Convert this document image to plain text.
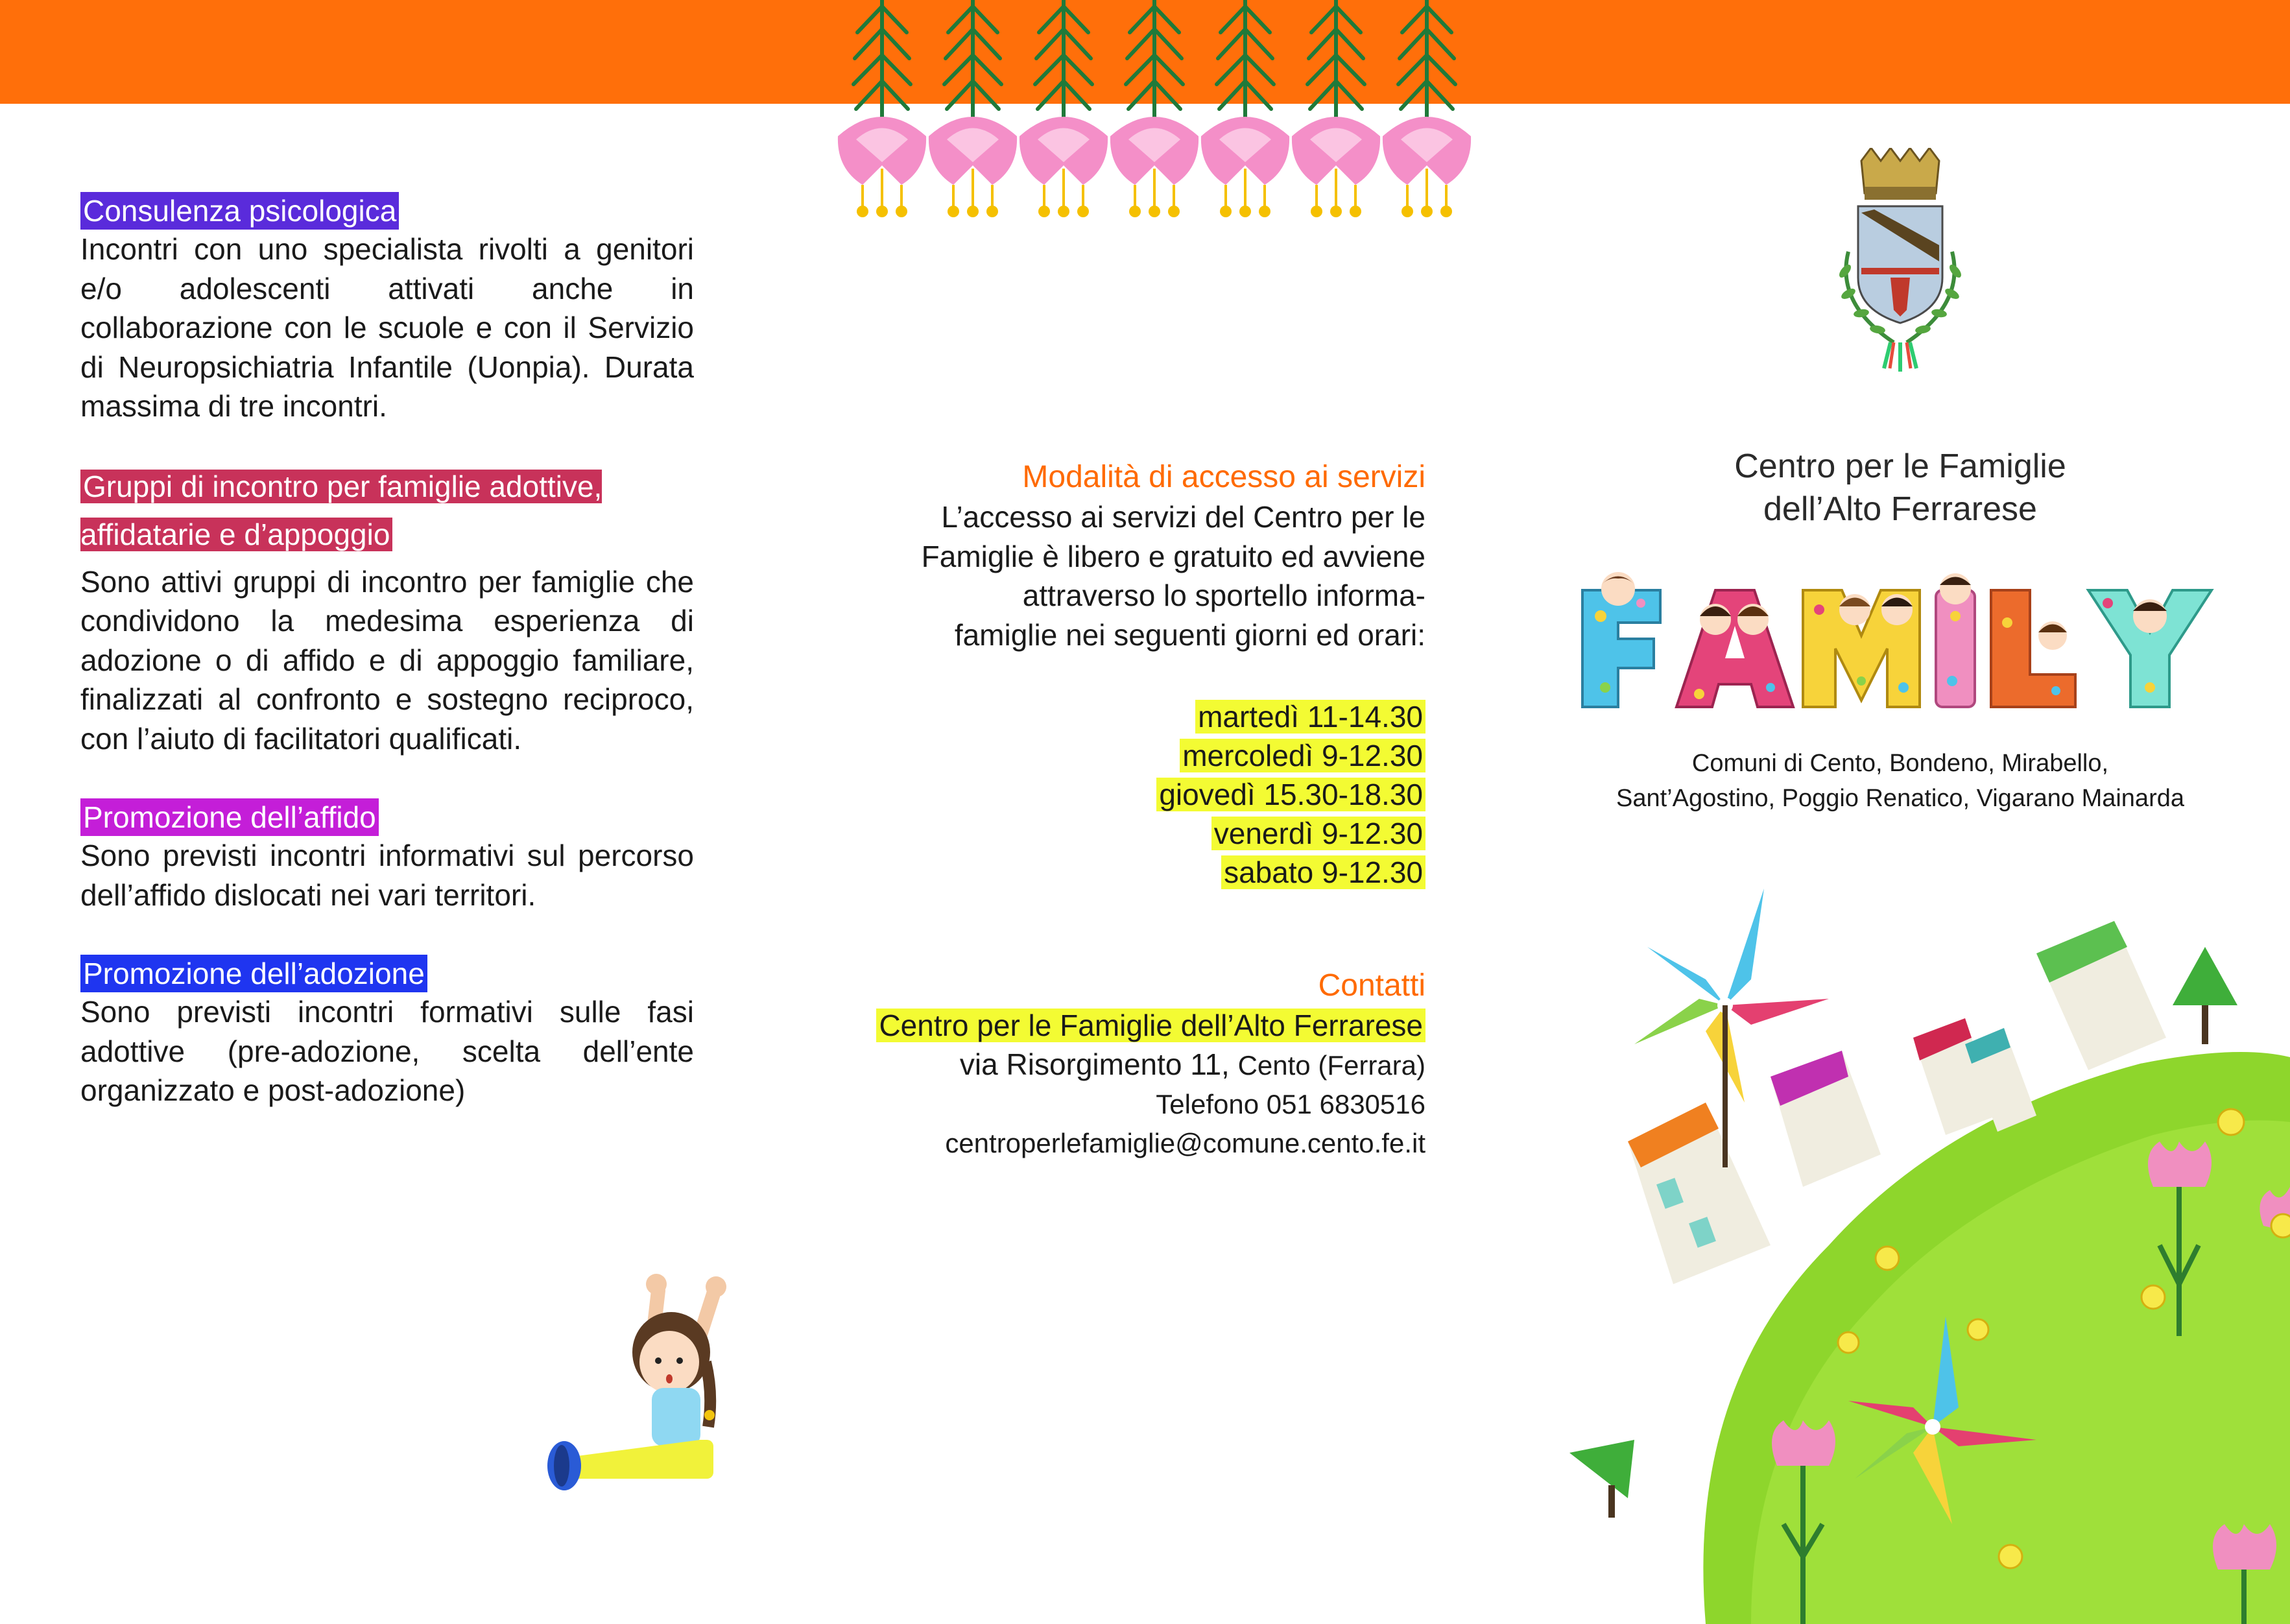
Consulenza psicologica

Incontri con uno specialista rivolti a genitori e/o adolescenti attivati anche in collaborazione con le scuole e con il Servizio di Neuropsichiatria Infantile (Uonpia). Durata massima di tre incontri.

Gruppi di incontro per famiglie adottive, affidatarie e d’appoggio

Sono attivi gruppi di incontro per famiglie che condividono la medesima esperienza di adozione o di affido e di appoggio familiare, finalizzati al confronto e sostegno reciproco, con l’aiuto di facilitatori qualificati.

Promozione dell’affido

Sono previsti incontri informativi sul percorso dell’affido dislocati nei vari territori.

Promozione dell’adozione

Sono previsti incontri formativi sulle fasi adottive (pre-adozione, scelta dell’ente organizzato e post-adozione)

Modalità di accesso ai servizi

L’accesso ai servizi del Centro per le

Famiglie è libero e gratuito ed avviene

attraverso lo sportello informa-

famiglie nei seguenti giorni ed orari:

martedì 11-14.30
mercoledì 9-12.30
giovedì 15.30-18.30
venerdì 9-12.30
sabato 9-12.30
Contatti
Centro per le Famiglie dell’Alto Ferrarese
via Risorgimento 11, Cento (Ferrara)
Telefono 051 6830516
centroperlefamiglie@comune.cento.fe.it
Centro per le Famiglie
dell’Alto Ferrarese
Comuni di Cento, Bondeno, Mirabello,
Sant’Agostino, Poggio Renatico, Vigarano Mainarda
